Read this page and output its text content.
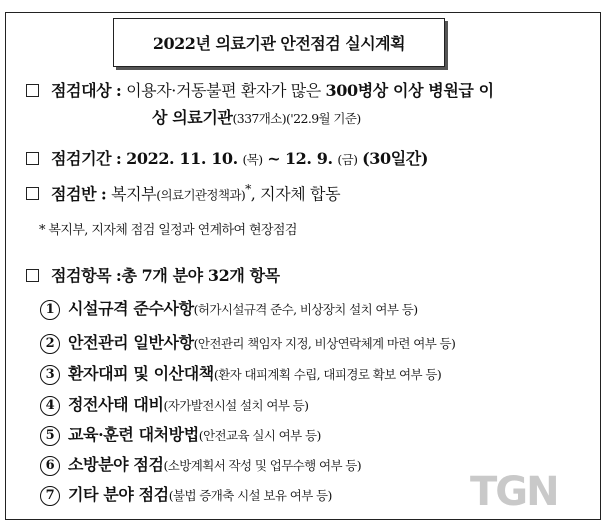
2022년 의료기관 안전점검 실시계획
점검대상 : 이용자·거동불편 환자가 많은 300병상 이상 병원급 이
상 의료기관(337개소)('22.9월 기준)
점검기간 : 2022. 11. 10. (목) ~ 12. 9. (금) (30일간)
점검반 : 복지부(의료기관정책과)*, 지자체 합동
* 복지부, 지자체 점검 일정과 연계하여 현장점검
점검항목 :총 7개 분야 32개 항목
1 시설규격 준수사항(허가시설규격 준수, 비상장치 설치 여부 등)
2 안전관리 일반사항(안전관리 책임자 지정, 비상연락체계 마련 여부 등)
3 환자대피 및 이산대책(환자 대피계획 수립, 대피경로 확보 여부 등)
4 정전사태 대비(자가발전시설 설치 여부 등)
5 교육·훈련 대처방법(안전교육 실시 여부 등)
6 소방분야 점검(소방계획서 작성 및 업무수행 여부 등)
7 기타 분야 점검(불법 증개축 시설 보유 여부 등)	TGN
